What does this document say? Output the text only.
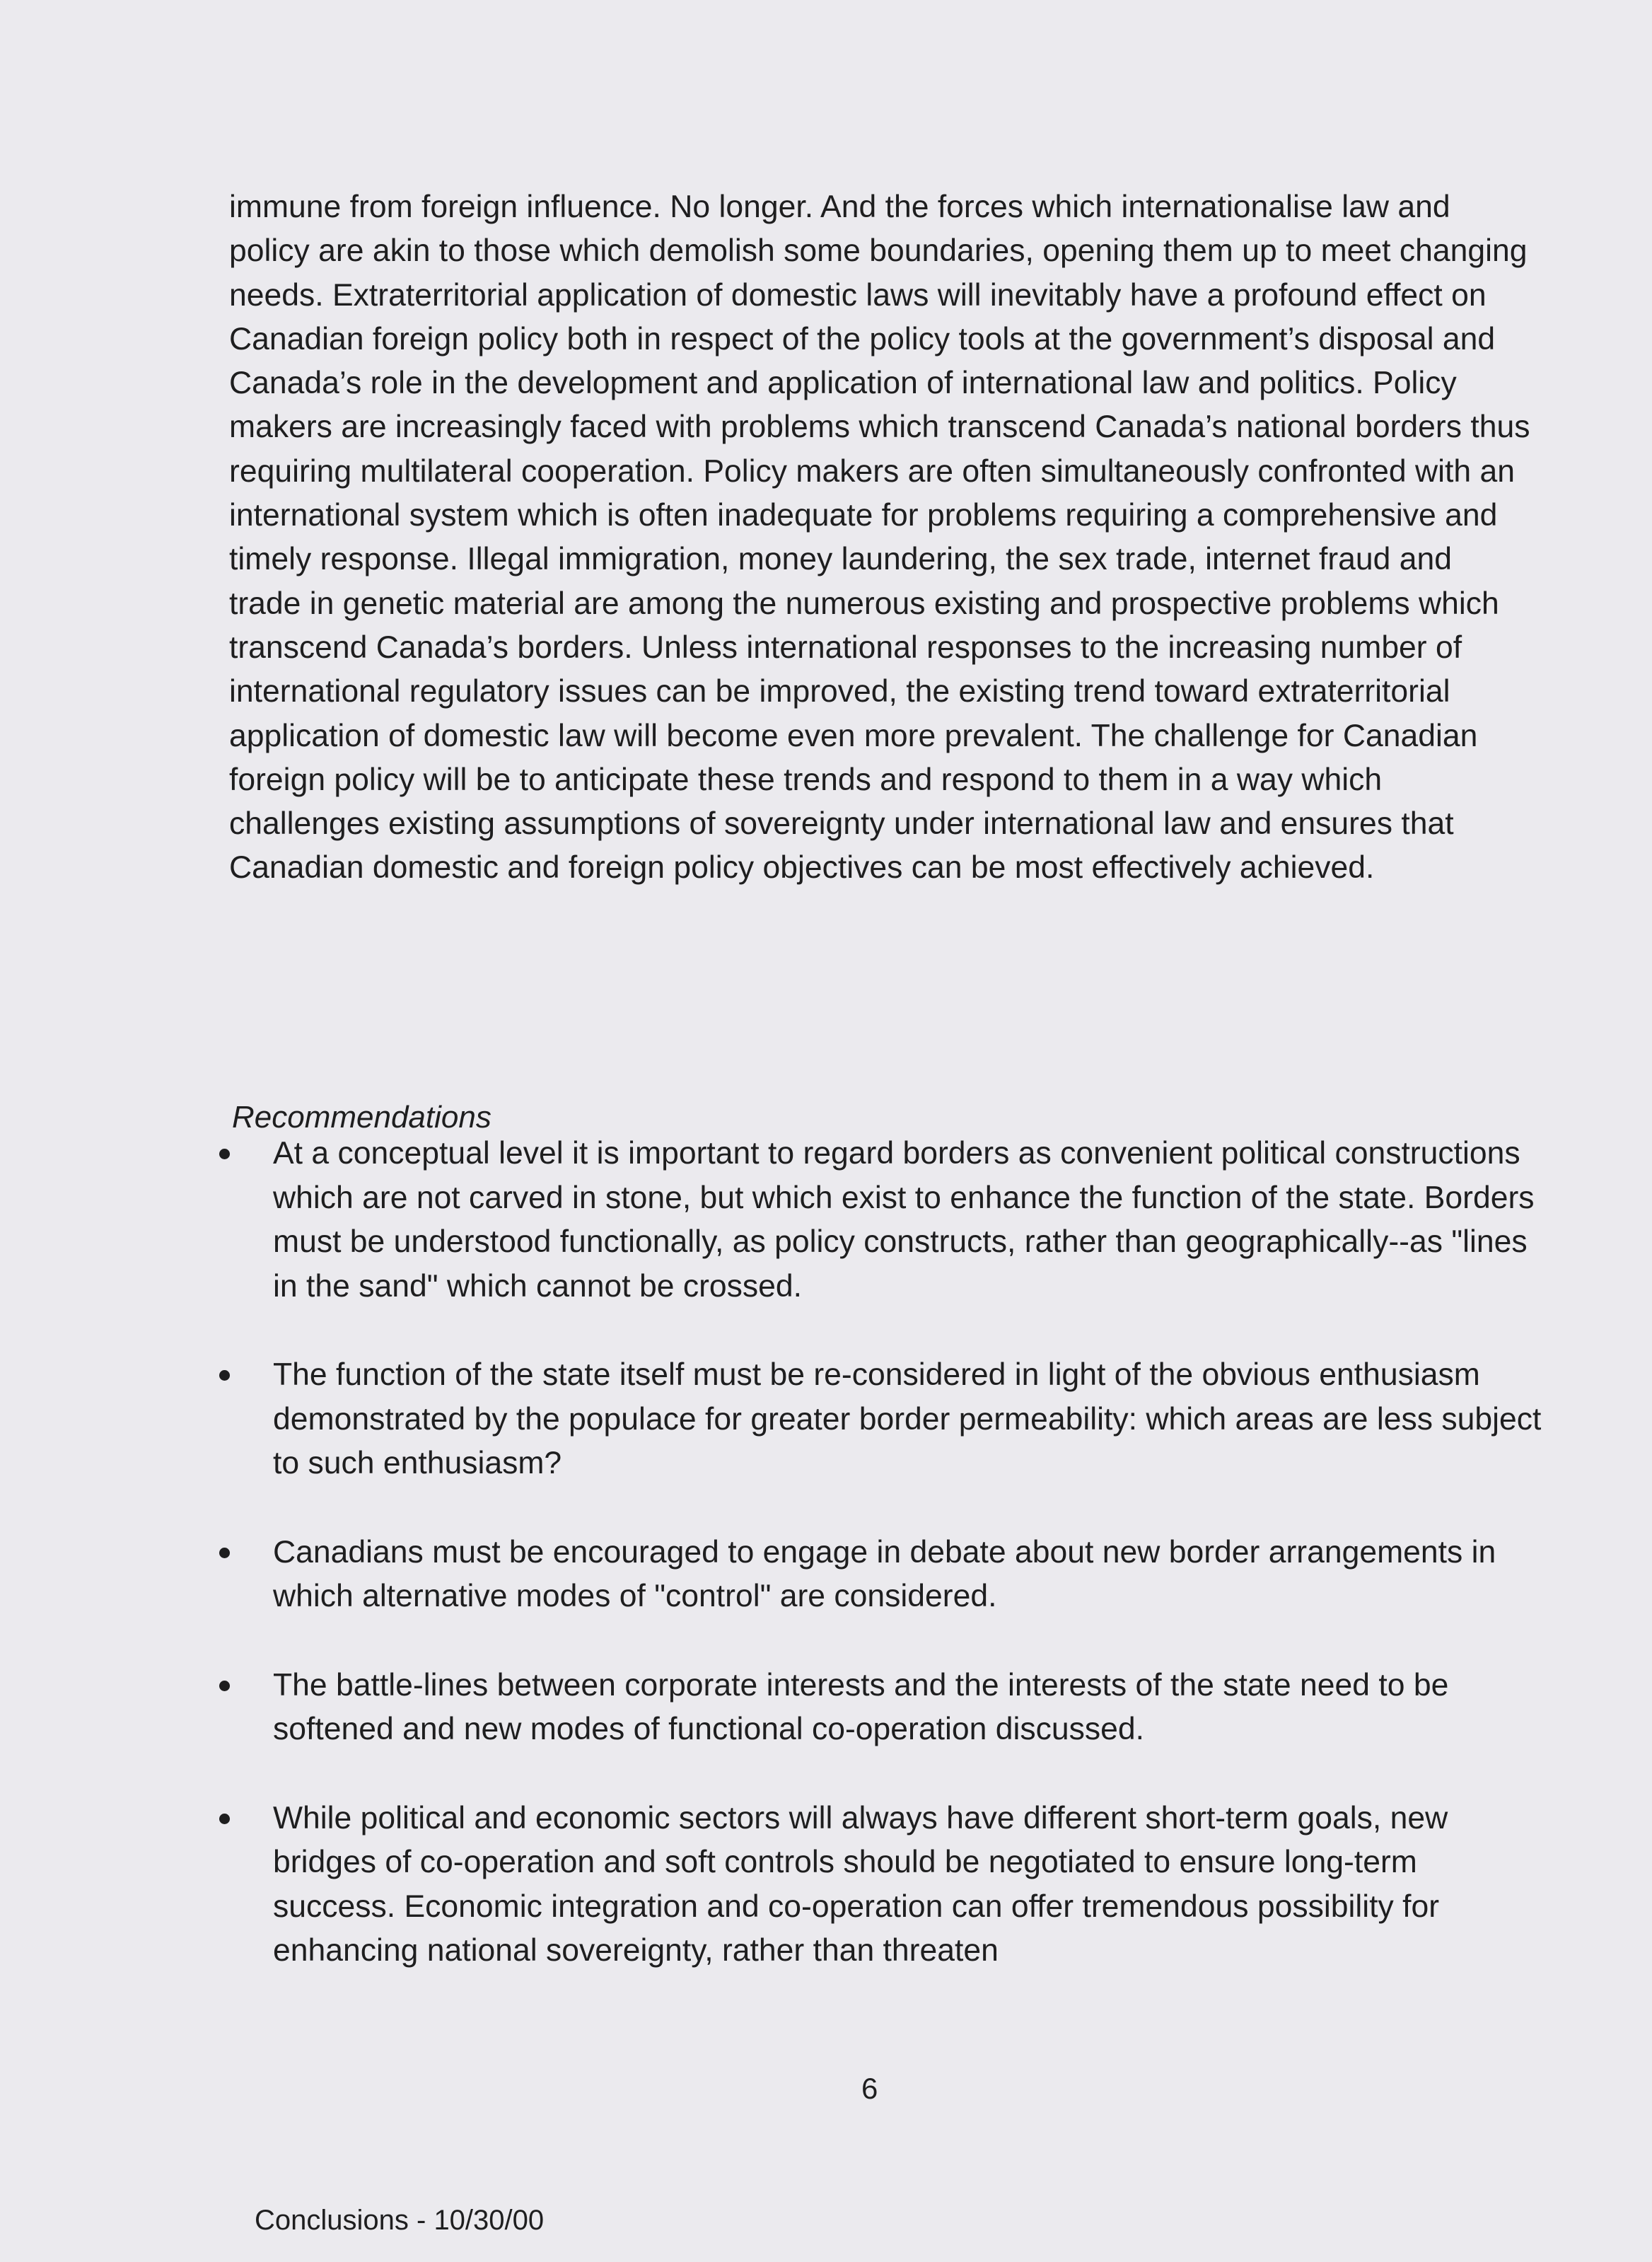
immune from foreign influence. No longer. And the forces which internationalise law and policy are akin to those which demolish some boundaries, opening them up to meet changing needs. Extraterritorial application of domestic laws will inevitably have a profound effect on Canadian foreign policy both in respect of the policy tools at the government’s disposal and Canada’s role in the development and application of international law and politics. Policy makers are increasingly faced with problems which transcend Canada’s national borders thus requiring multilateral cooperation. Policy makers are often simultaneously confronted with an international system which is often inadequate for problems requiring a comprehensive and timely response. Illegal immigration, money laundering, the sex trade, internet fraud and trade in genetic material are among the numerous existing and prospective problems which transcend Canada’s borders. Unless international responses to the increasing number of international regulatory issues can be improved, the existing trend toward extraterritorial application of domestic law will become even more prevalent. The challenge for Canadian foreign policy will be to anticipate these trends and respond to them in a way which challenges existing assumptions of sovereignty under international law and ensures that Canadian domestic and foreign policy objectives can be most effectively achieved.

Recommendations

At a conceptual level it is important to regard borders as convenient political constructions which are not carved in stone, but which exist to enhance the function of the state. Borders must be understood functionally, as policy constructs, rather than geographically--as "lines in the sand" which cannot be crossed.
The function of the state itself must be re-considered in light of the obvious enthusiasm demonstrated by the populace for greater border permeability: which areas are less subject to such enthusiasm?
Canadians must be encouraged to engage in debate about new border arrangements in which alternative modes of "control" are considered.
The battle-lines between corporate interests and the interests of the state need to be softened and new modes of functional co-operation discussed.
While political and economic sectors will always have different short-term goals, new bridges of co-operation and soft controls should be negotiated to ensure long-term success. Economic integration and co-operation can offer tremendous possibility for enhancing national sovereignty, rather than threaten

6

Conclusions - 10/30/00
